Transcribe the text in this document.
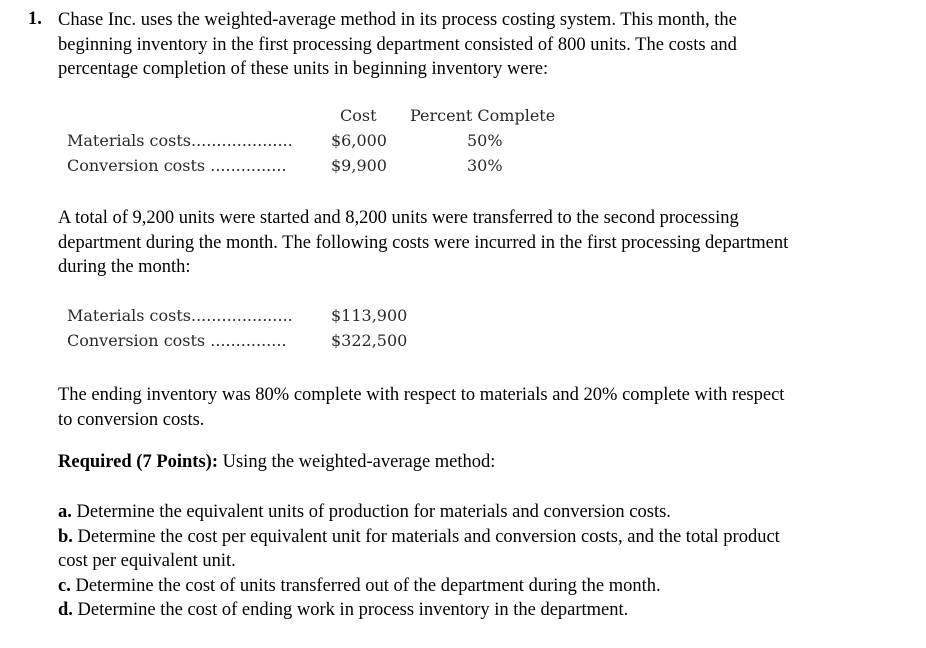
1. Chase Inc. uses the weighted-average method in its process costing system. This month, the
beginning inventory in the first processing department consisted of 800 units. The costs and
percentage completion of these units in beginning inventory were:

Cost Percent Complete
Materials costs.................... $6,000	50%
Conversion costs ...............	$9,900	30%

A total of 9,200 units were started and 8,200 units were transferred to the second processing
department during the month. The following costs were incurred in the first processing department
during the month:

Materials costs.................... $113,900
Conversion costs ...............	$322,500

The ending inventory was 80% complete with respect to materials and 20% complete with respect
to conversion costs.

Required (7 Points): Using the weighted-average method:

a. Determine the equivalent units of production for materials and conversion costs.
b. Determine the cost per equivalent unit for materials and conversion costs, and the total product
cost per equivalent unit.
c. Determine the cost of units transferred out of the department during the month.
d. Determine the cost of ending work in process inventory in the department.
